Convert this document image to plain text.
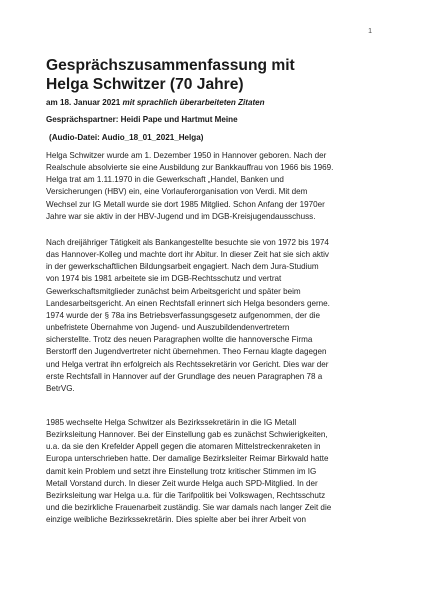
1
Gesprächszusammenfassung mit
Helga Schwitzer (70 Jahre)
am 18. Januar 2021 mit sprachlich überarbeiteten Zitaten
Gesprächspartner: Heidi Pape und Hartmut Meine
(Audio-Datei: Audio_18_01_2021_Helga)
Helga Schwitzer wurde am 1. Dezember 1950 in Hannover geboren. Nach der
Realschule absolvierte sie eine Ausbildung zur Bankkauffrau von 1966 bis 1969.
Helga trat am 1.11.1970 in die Gewerkschaft „Handel, Banken und
Versicherungen (HBV) ein, eine Vorlauferorganisation von Verdi. Mit dem
Wechsel zur IG Metall wurde sie dort 1985 Mitglied. Schon Anfang der 1970er
Jahre war sie aktiv in der HBV-Jugend und im DGB-Kreisjugendausschuss.
Nach dreijähriger Tätigkeit als Bankangestellte besuchte sie von 1972 bis 1974
das Hannover-Kolleg und machte dort ihr Abitur. In dieser Zeit hat sie sich aktiv
in der gewerkschaftlichen Bildungsarbeit engagiert. Nach dem Jura-Studium
von 1974 bis 1981 arbeitete sie im DGB-Rechtsschutz und vertrat
Gewerkschaftsmitglieder zunächst beim Arbeitsgericht und später beim
Landesarbeitsgericht. An einen Rechtsfall erinnert sich Helga besonders gerne.
1974 wurde der § 78a ins Betriebsverfassungsgesetz aufgenommen, der die
unbefristete Übernahme von Jugend- und Auszubildendenvertretern
sicherstellte. Trotz des neuen Paragraphen wollte die hannoversche Firma
Berstorff den Jugendvertreter nicht übernehmen. Theo Fernau klagte dagegen
und Helga vertrat ihn erfolgreich als Rechtssekretärin vor Gericht. Dies war der
erste Rechtsfall in Hannover auf der Grundlage des neuen Paragraphen 78 a
BetrVG.
1985 wechselte Helga Schwitzer als Bezirkssekretärin in die IG Metall
Bezirksleitung Hannover. Bei der Einstellung gab es zunächst Schwierigkeiten,
u.a. da sie den Krefelder Appell gegen die atomaren Mittelstreckenraketen in
Europa unterschrieben hatte. Der damalige Bezirksleiter Reimar Birkwald hatte
damit kein Problem und setzt ihre Einstellung trotz kritischer Stimmen im IG
Metall Vorstand durch. In dieser Zeit wurde Helga auch SPD-Mitglied. In der
Bezirksleitung war Helga u.a. für die Tarifpolitik bei Volkswagen, Rechtsschutz
und die bezirkliche Frauenarbeit zuständig. Sie war damals nach langer Zeit die
einzige weibliche Bezirkssekretärin. Dies spielte aber bei ihrer Arbeit von
